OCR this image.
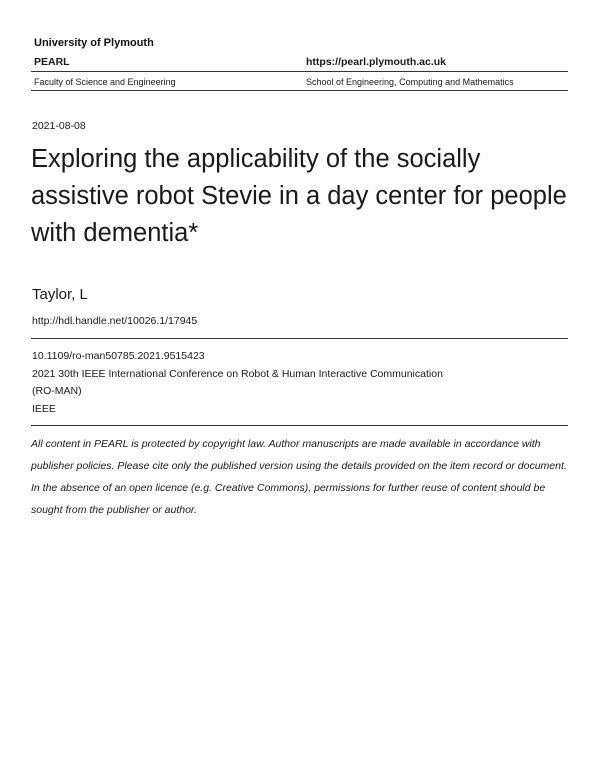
University of Plymouth
PEARL	https://pearl.plymouth.ac.uk
Faculty of Science and Engineering	School of Engineering, Computing and Mathematics
2021-08-08
Exploring the applicability of the socially assistive robot Stevie in a day center for people with dementia*
Taylor, L
http://hdl.handle.net/10026.1/17945
10.1109/ro-man50785.2021.9515423
2021 30th IEEE International Conference on Robot & Human Interactive Communication
(RO-MAN)
IEEE
All content in PEARL is protected by copyright law. Author manuscripts are made available in accordance with publisher policies. Please cite only the published version using the details provided on the item record or document. In the absence of an open licence (e.g. Creative Commons), permissions for further reuse of content should be sought from the publisher or author.
